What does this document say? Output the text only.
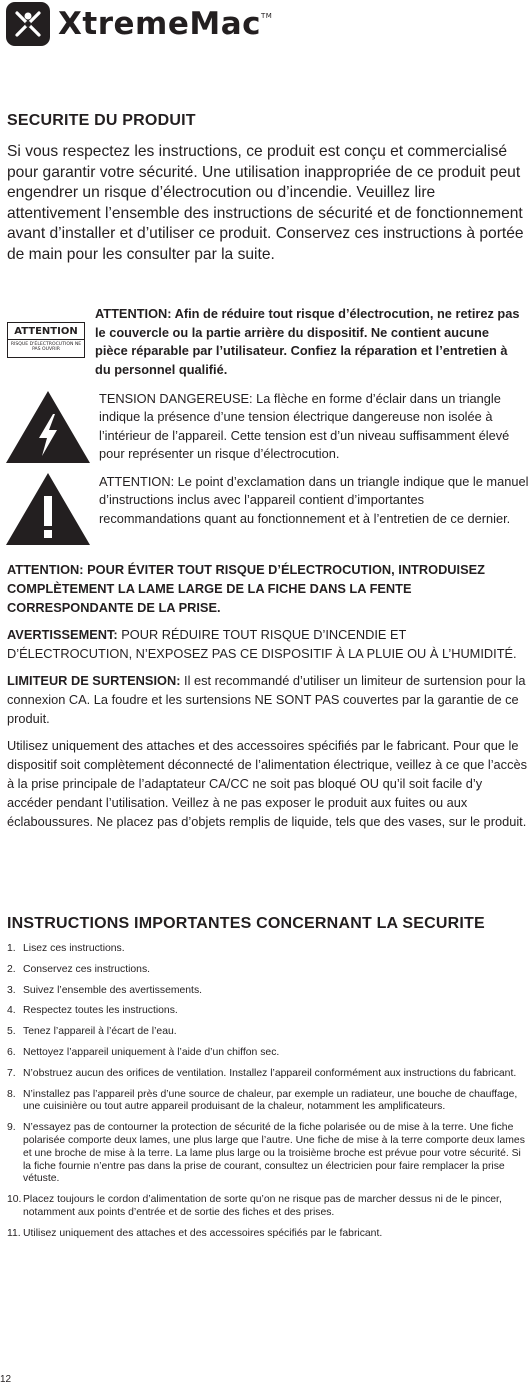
XtremeMac™
SECURITE DU PRODUIT

Si vous respectez les instructions, ce produit est conçu et commercialisé pour garantir votre sécurité. Une utilisation inappropriée de ce produit peut engendrer un risque d’électrocution ou d’incendie. Veuillez lire attentivement l’ensemble des instructions de sécurité et de fonctionnement avant d’installer et d’utiliser ce produit. Conservez ces instructions à portée de main pour les consulter par la suite.

ATTENTION
RISQUE D'ÉLECTROCUTION NE PAS OUVRIR

ATTENTION: Afin de réduire tout risque d’électrocution, ne retirez pas le couvercle ou la partie arrière du dispositif. Ne contient aucune pièce réparable par l’utilisateur. Confiez la réparation et l’entretien à du personnel qualifié.

TENSION DANGEREUSE: La flèche en forme d’éclair dans un triangle indique la présence d’une tension électrique dangereuse non isolée à l’intérieur de l’appareil. Cette tension est d’un niveau suffisamment élevé pour représenter un risque d’électrocution.

ATTENTION: Le point d’exclamation dans un triangle indique que le manuel d’instructions inclus avec l’appareil contient d’importantes recommandations quant au fonctionnement et à l’entretien de ce dernier.

ATTENTION: POUR ÉVITER TOUT RISQUE D’ÉLECTROCUTION, INTRODUISEZ COMPLÈTEMENT LA LAME LARGE DE LA FICHE DANS LA FENTE CORRESPONDANTE DE LA PRISE.

AVERTISSEMENT: POUR RÉDUIRE TOUT RISQUE D’INCENDIE ET D’ÉLECTROCUTION, N’EXPOSEZ PAS CE DISPOSITIF À LA PLUIE OU À L’HUMIDITÉ.

LIMITEUR DE SURTENSION: Il est recommandé d’utiliser un limiteur de surtension pour la connexion CA. La foudre et les surtensions NE SONT PAS couvertes par la garantie de ce produit.

Utilisez uniquement des attaches et des accessoires spécifiés par le fabricant. Pour que le dispositif soit complètement déconnecté de l’alimentation électrique, veillez à ce que l’accès à la prise principale de l’adaptateur CA/CC ne soit pas bloqué OU qu’il soit facile d’y accéder pendant l’utilisation. Veillez à ne pas exposer le produit aux fuites ou aux éclaboussures. Ne placez pas d’objets remplis de liquide, tels que des vases, sur le produit.

INSTRUCTIONS IMPORTANTES CONCERNANT LA SECURITE
1. Lisez ces instructions.
2. Conservez ces instructions.
3. Suivez l’ensemble des avertissements.
4. Respectez toutes les instructions.
5. Tenez l’appareil à l’écart de l’eau.
6. Nettoyez l’appareil uniquement à l’aide d’un chiffon sec.
7. N’obstruez aucun des orifices de ventilation. Installez l’appareil conformément aux instructions du fabricant.
8. N’installez pas l’appareil près d’une source de chaleur, par exemple un radiateur, une bouche de chauffage, une cuisinière ou tout autre appareil produisant de la chaleur, notamment les amplificateurs.
9. N’essayez pas de contourner la protection de sécurité de la fiche polarisée ou de mise à la terre. Une fiche polarisée comporte deux lames, une plus large que l’autre. Une fiche de mise à la terre comporte deux lames et une broche de mise à la terre. La lame plus large ou la troisième broche est prévue pour votre sécurité. Si la fiche fournie n’entre pas dans la prise de courant, consultez un électricien pour faire remplacer la prise vétuste.
10. Placez toujours le cordon d’alimentation de sorte qu’on ne risque pas de marcher dessus ni de le pincer, notamment aux points d’entrée et de sortie des fiches et des prises.
11. Utilisez uniquement des attaches et des accessoires spécifiés par le fabricant.
12
